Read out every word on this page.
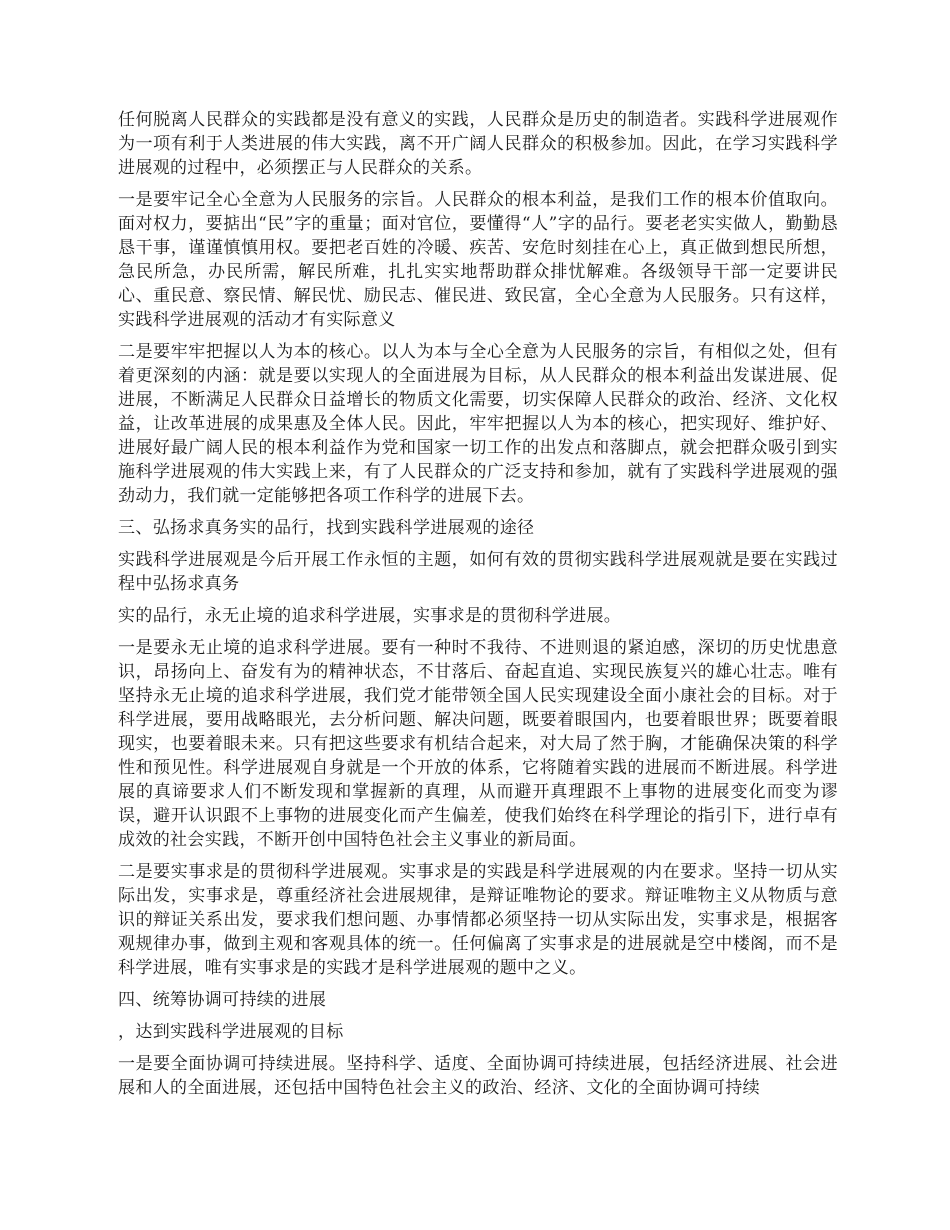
任何脱离人民群众的实践都是没有意义的实践，人民群众是历史的制造者。实践科学进展观作为一项有利于人类进展的伟大实践，离不开广阔人民群众的积极参加。因此，在学习实践科学进展观的过程中，必须摆正与人民群众的关系。

一是要牢记全心全意为人民服务的宗旨。人民群众的根本利益，是我们工作的根本价值取向。面对权力，要掂出“民”字的重量；面对官位，要懂得“人”字的品行。要老老实实做人，勤勤恳恳干事，谨谨慎慎用权。要把老百姓的冷暖、疾苦、安危时刻挂在心上，真正做到想民所想，急民所急，办民所需，解民所难，扎扎实实地帮助群众排忧解难。各级领导干部一定要讲民心、重民意、察民情、解民忧、励民志、催民进、致民富，全心全意为人民服务。只有这样，实践科学进展观的活动才有实际意义

二是要牢牢把握以人为本的核心。以人为本与全心全意为人民服务的宗旨，有相似之处，但有着更深刻的内涵：就是要以实现人的全面进展为目标，从人民群众的根本利益出发谋进展、促进展，不断满足人民群众日益增长的物质文化需要，切实保障人民群众的政治、经济、文化权益，让改革进展的成果惠及全体人民。因此，牢牢把握以人为本的核心，把实现好、维护好、进展好最广阔人民的根本利益作为党和国家一切工作的出发点和落脚点，就会把群众吸引到实施科学进展观的伟大实践上来，有了人民群众的广泛支持和参加，就有了实践科学进展观的强劲动力，我们就一定能够把各项工作科学的进展下去。

三、弘扬求真务实的品行，找到实践科学进展观的途径

实践科学进展观是今后开展工作永恒的主题，如何有效的贯彻实践科学进展观就是要在实践过程中弘扬求真务

实的品行，永无止境的追求科学进展，实事求是的贯彻科学进展。

一是要永无止境的追求科学进展。要有一种时不我待、不进则退的紧迫感，深切的历史忧患意识，昂扬向上、奋发有为的精神状态，不甘落后、奋起直追、实现民族复兴的雄心壮志。唯有坚持永无止境的追求科学进展，我们党才能带领全国人民实现建设全面小康社会的目标。对于科学进展，要用战略眼光，去分析问题、解决问题，既要着眼国内，也要着眼世界；既要着眼现实，也要着眼未来。只有把这些要求有机结合起来，对大局了然于胸，才能确保决策的科学性和预见性。科学进展观自身就是一个开放的体系，它将随着实践的进展而不断进展。科学进展的真谛要求人们不断发现和掌握新的真理，从而避开真理跟不上事物的进展变化而变为谬误，避开认识跟不上事物的进展变化而产生偏差，使我们始终在科学理论的指引下，进行卓有成效的社会实践，不断开创中国特色社会主义事业的新局面。

二是要实事求是的贯彻科学进展观。实事求是的实践是科学进展观的内在要求。坚持一切从实际出发，实事求是，尊重经济社会进展规律，是辩证唯物论的要求。辩证唯物主义从物质与意识的辩证关系出发，要求我们想问题、办事情都必须坚持一切从实际出发，实事求是，根据客观规律办事，做到主观和客观具体的统一。任何偏离了实事求是的进展就是空中楼阁，而不是科学进展，唯有实事求是的实践才是科学进展观的题中之义。

四、统筹协调可持续的进展

，达到实践科学进展观的目标

一是要全面协调可持续进展。坚持科学、适度、全面协调可持续进展，包括经济进展、社会进展和人的全面进展，还包括中国特色社会主义的政治、经济、文化的全面协调可持续
